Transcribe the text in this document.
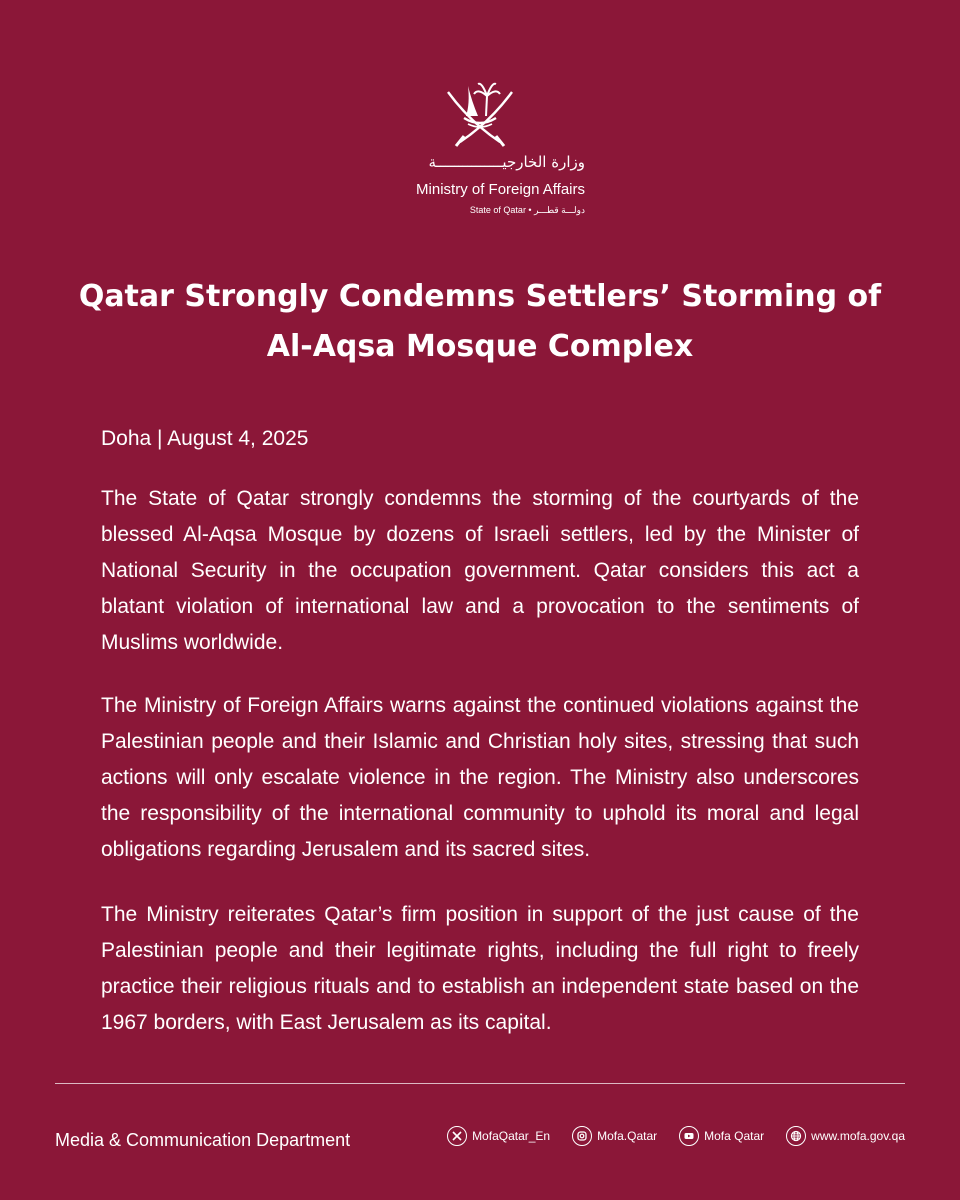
وزارة الخارجيـــــــــــــــة
Ministry of Foreign Affairs
State of Qatar • دولـــة قطـــر
Qatar Strongly Condemns Settlers’ Storming of
Al-Aqsa Mosque Complex
Doha | August 4, 2025

The State of Qatar strongly condemns the storming of the courtyards of the blessed Al-Aqsa Mosque by dozens of Israeli settlers, led by the Minister of National Security in the occupation government. Qatar considers this act a blatant violation of international law and a provocation to the sentiments of Muslims worldwide.

The Ministry of Foreign Affairs warns against the continued violations against the Palestinian people and their Islamic and Christian holy sites, stressing that such actions will only escalate violence in the region. The Ministry also underscores the responsibility of the international community to uphold its moral and legal obligations regarding Jerusalem and its sacred sites.

The Ministry reiterates Qatar’s firm position in support of the just cause of the Palestinian people and their legitimate rights, including the full right to freely practice their religious rituals and to establish an independent state based on the 1967 borders, with East Jerusalem as its capital.

Media & Communication Department	MofaQatar_En	Mofa.Qatar	Mofa Qatar	www.mofa.gov.qa
